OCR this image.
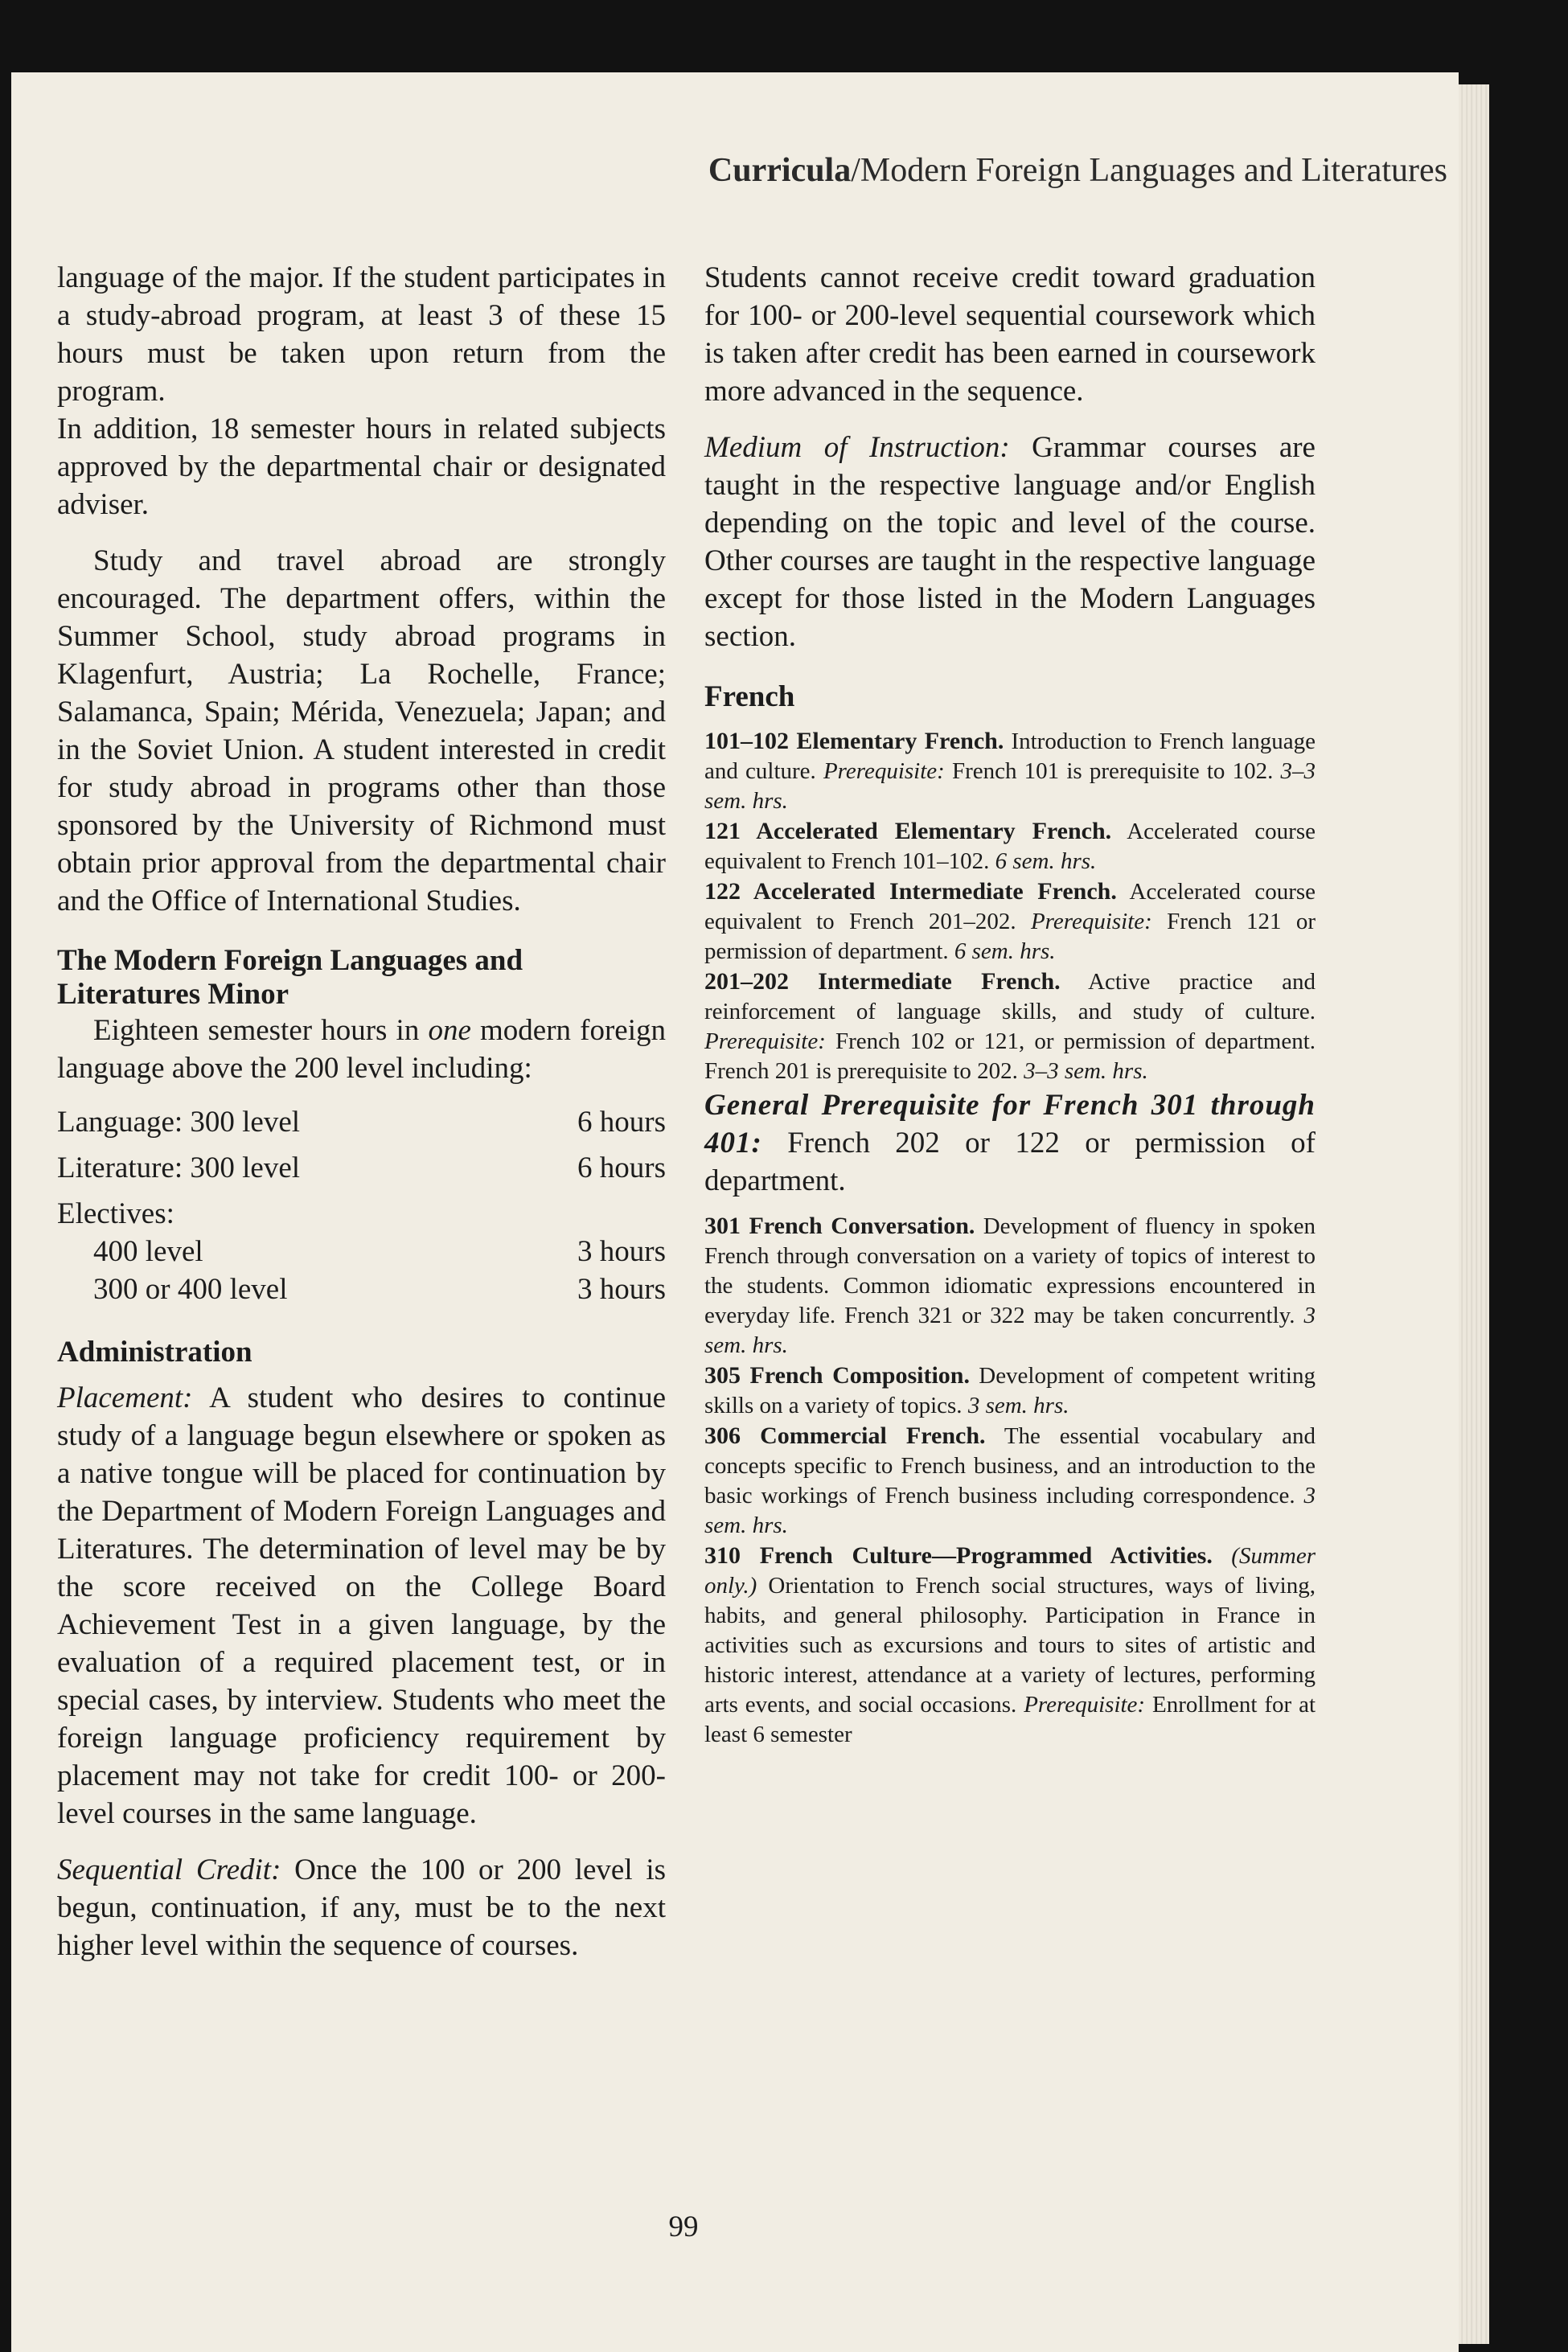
Curricula/Modern Foreign Languages and Literatures

language of the major. If the student participates in a study-abroad program, at least 3 of these 15 hours must be taken upon return from the program.

In addition, 18 semester hours in related subjects approved by the departmental chair or designated adviser.

Study and travel abroad are strongly encouraged. The department offers, within the Summer School, study abroad programs in Klagenfurt, Austria; La Rochelle, France; Salamanca, Spain; Mérida, Venezuela; Japan; and in the Soviet Union. A student interested in credit for study abroad in programs other than those sponsored by the University of Richmond must obtain prior approval from the departmental chair and the Office of International Studies.

The Modern Foreign Languages and
Literatures Minor

Eighteen semester hours in one modern foreign language above the 200 level including:

Language: 300 level	6 hours
Literature: 300 level	6 hours
Electives:
400 level	3 hours
300 or 400 level	3 hours
Administration

Placement: A student who desires to continue study of a language begun elsewhere or spoken as a native tongue will be placed for continuation by the Department of Modern Foreign Languages and Literatures. The determination of level may be by the score received on the College Board Achievement Test in a given language, by the evaluation of a required placement test, or in special cases, by interview. Students who meet the foreign language proficiency requirement by placement may not take for credit 100- or 200-level courses in the same language.

Sequential Credit: Once the 100 or 200 level is begun, continuation, if any, must be to the next higher level within the sequence of courses.

Students cannot receive credit toward graduation for 100- or 200-level sequential coursework which is taken after credit has been earned in coursework more advanced in the sequence.

Medium of Instruction: Grammar courses are taught in the respective language and/or English depending on the topic and level of the course. Other courses are taught in the respective language except for those listed in the Modern Languages section.

French

101–102 Elementary French. Introduction to French language and culture. Prerequisite: French 101 is prerequisite to 102. 3–3 sem. hrs.

121 Accelerated Elementary French. Accelerated course equivalent to French 101–102. 6 sem. hrs.

122 Accelerated Intermediate French. Accelerated course equivalent to French 201–202. Prerequisite: French 121 or permission of department. 6 sem. hrs.

201–202 Intermediate French. Active practice and reinforcement of language skills, and study of culture. Prerequisite: French 102 or 121, or permission of department. French 201 is prerequisite to 202. 3–3 sem. hrs.

General Prerequisite for French 301 through 401: French 202 or 122 or permission of department.

301 French Conversation. Development of fluency in spoken French through conversation on a variety of topics of interest to the students. Common idiomatic expressions encountered in everyday life. French 321 or 322 may be taken concurrently. 3 sem. hrs.

305 French Composition. Development of competent writing skills on a variety of topics. 3 sem. hrs.

306 Commercial French. The essential vocabulary and concepts specific to French business, and an introduction to the basic workings of French business including correspondence. 3 sem. hrs.

310 French Culture—Programmed Activities. (Summer only.) Orientation to French social structures, ways of living, habits, and general philosophy. Participation in France in activities such as excursions and tours to sites of artistic and historic interest, attendance at a variety of lectures, performing arts events, and social occasions. Prerequisite: Enrollment for at least 6 semester

99
